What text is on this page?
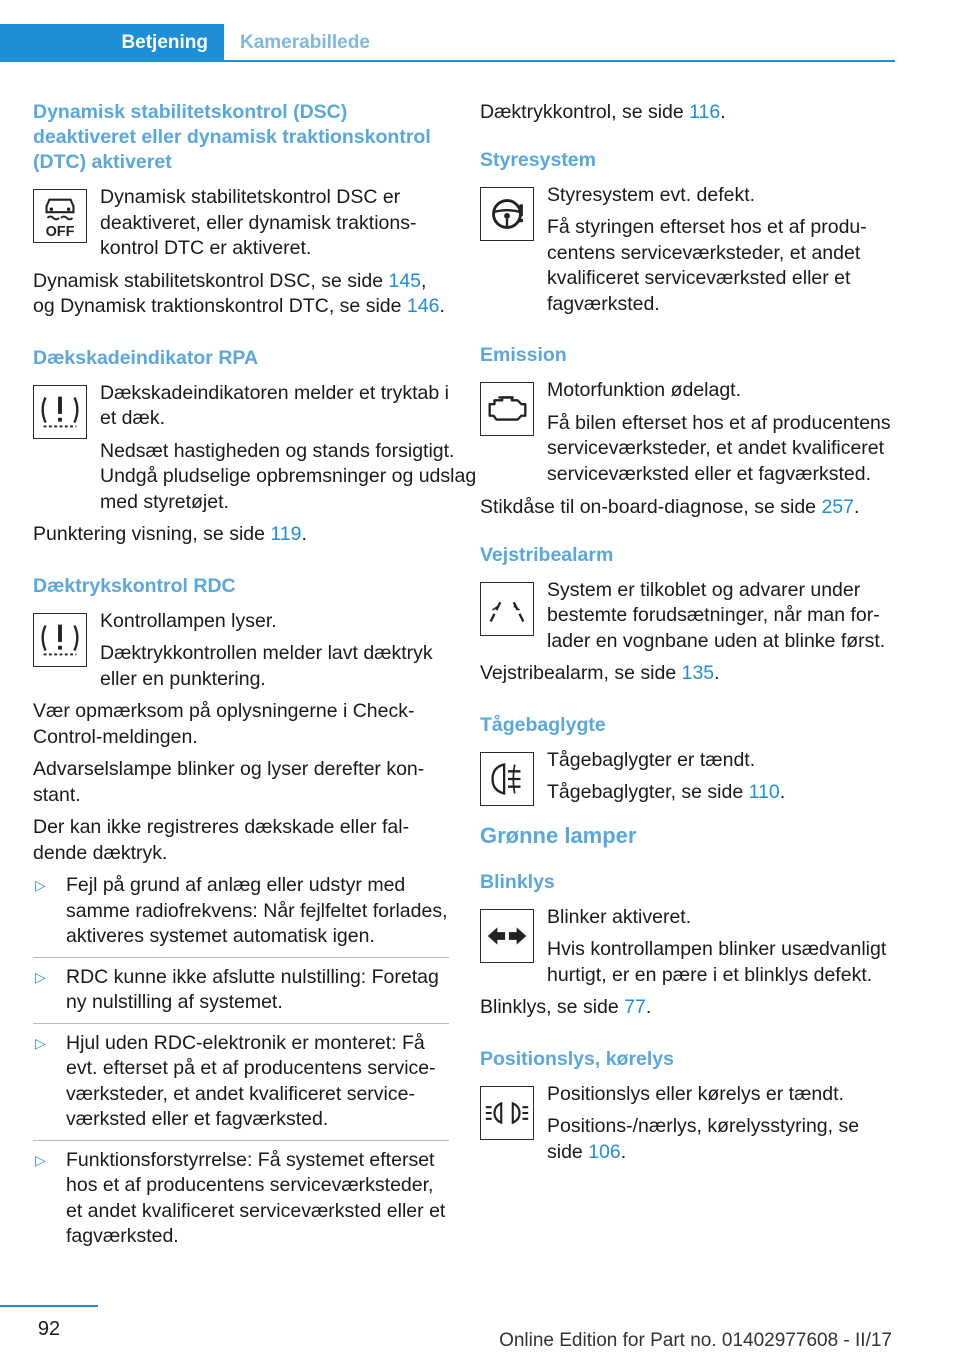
Betjening	Kamerabillede
Dynamisk stabilitetskontrol (DSC) deaktiveret eller dynamisk traktionskontrol (DTC) aktiveret
OFF
Dynamisk stabilitetskontrol DSC er deaktiveret, eller dynamisk traktionskontrol DTC er aktiveret.
Dynamisk stabilitetskontrol DSC, se side 145, og Dynamisk traktionskontrol DTC, se side 146.
Dækskadeindikator RPA
Dækskadeindikatoren melder et tryktab i et dæk.
Nedsæt hastigheden og stands forsigtigt. Undgå pludselige opbremsninger og udslag med styretøjet.
Punktering visning, se side 119.
Dæktrykskontrol RDC
Kontrollampen lyser.
Dæktrykkontrollen melder lavt dæktryk eller en punktering.
Vær opmærksom på oplysningerne i Check-Control-meldingen.
Advarselslampe blinker og lyser derefter konstant.
Der kan ikke registreres dækskade eller faldende dæktryk.
▷ Fejl på grund af anlæg eller udstyr med samme radiofrekvens: Når fejlfeltet forlades, aktiveres systemet automatisk igen.
▷ RDC kunne ikke afslutte nulstilling: Foretag ny nulstilling af systemet.
▷ Hjul uden RDC-elektronik er monteret: Få evt. efterset på et af producentens serviceværksteder, et andet kvalificeret serviceværksted eller et fagværksted.
▷ Funktionsforstyrrelse: Få systemet efterset hos et af producentens serviceværksteder, et andet kvalificeret serviceværksted eller et fagværksted.
Dæktrykkontrol, se side 116.
Styresystem
Styresystem evt. defekt.
Få styringen efterset hos et af producentens serviceværksteder, et andet kvalificeret serviceværksted eller et fagværksted.
Emission
Motorfunktion ødelagt.
Få bilen efterset hos et af producentens serviceværksteder, et andet kvalificeret serviceværksted eller et fagværksted.
Stikdåse til on-board-diagnose, se side 257.
Vejstribealarm
System er tilkoblet og advarer under bestemte forudsætninger, når man forlader en vognbane uden at blinke først.
Vejstribealarm, se side 135.
Tågebaglygte
Tågebaglygter er tændt.
Tågebaglygter, se side 110.
Grønne lamper
Blinklys
Blinker aktiveret.
Hvis kontrollampen blinker usædvanligt hurtigt, er en pære i et blinklys defekt.
Blinklys, se side 77.
Positionslys, kørelys
Positionslys eller kørelys er tændt.
Positions-/nærlys, kørelysstyring, se side 106.
92
Online Edition for Part no. 01402977608 - II/17
